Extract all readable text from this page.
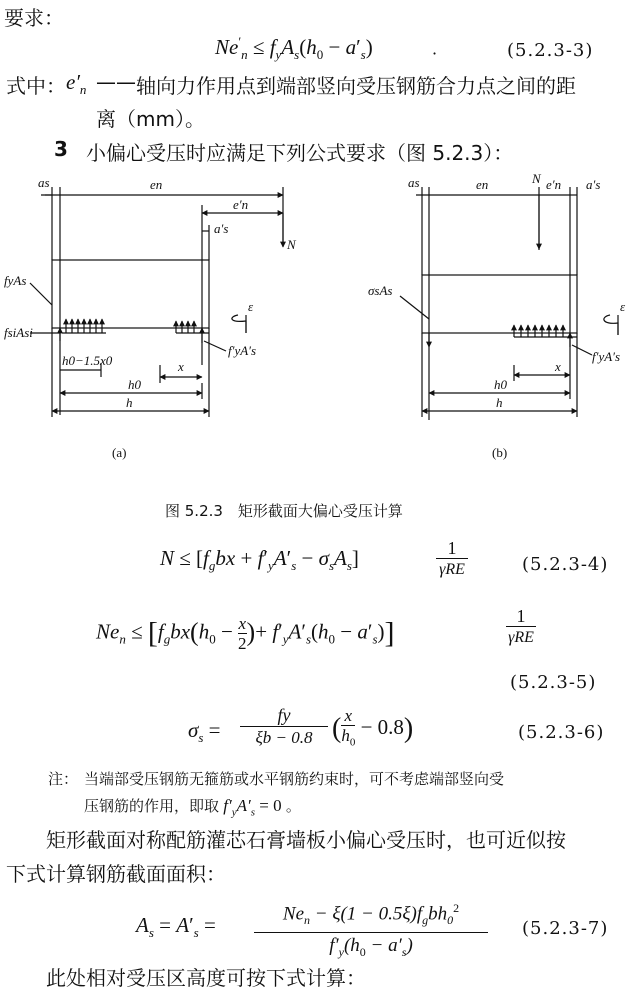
要求：
$Ne'_n \le f_yA_s(h_0 - a'_s)$	·	(5.2.3-3)
式中： $e'_n$ —— 轴向力作用点到端部竖向受压钢筋合力点之间的距
离（mm）。
3 小偏心受压时应满足下列公式要求（图 5.2.3）：
as	en
e′n
a′s
N
fyAs
fsiAsi
f′yA′s
ε
h0−1.5x0	x
h0
h
(a)
as	en	N e′n a′s
σsAs
f′yA′s
ε
x
h0
h
(b)
图 5.2.3　矩形截面大偏心受压计算
$N \le [f_gbx + f'_yA'_s - \sigma_sA_s]$	1
γRE	(5.2.3-4)
$Ne_n \le [f_gbx(h_0 - \frac{x}{2}$ )+ $f'_yA'_s(h_0 - a'_s)$]
1
γRE
(5.2.3-5)
$\sigma_s = \frac{fy}{\xi b - 0.8} (\frac{x}{h_0} - 0.8)$	(5.2.3-6)
注： 当端部受压钢筋无箍筋或水平钢筋约束时，可不考虑端部竖向受
压钢筋的作用，即取 $f'_yA'_s = 0$ 。
矩形截面对称配筋灌芯石膏墙板小偏心受压时，也可近似按
下式计算钢筋截面面积：
$A_s = A'_s$ =	$Ne_n - \xi(1 - 0.5\xi)f_gbh_0^2$
$f'_y(h_0 - a'_s)$
(5.2.3-7)
此处相对受压区高度可按下式计算：
